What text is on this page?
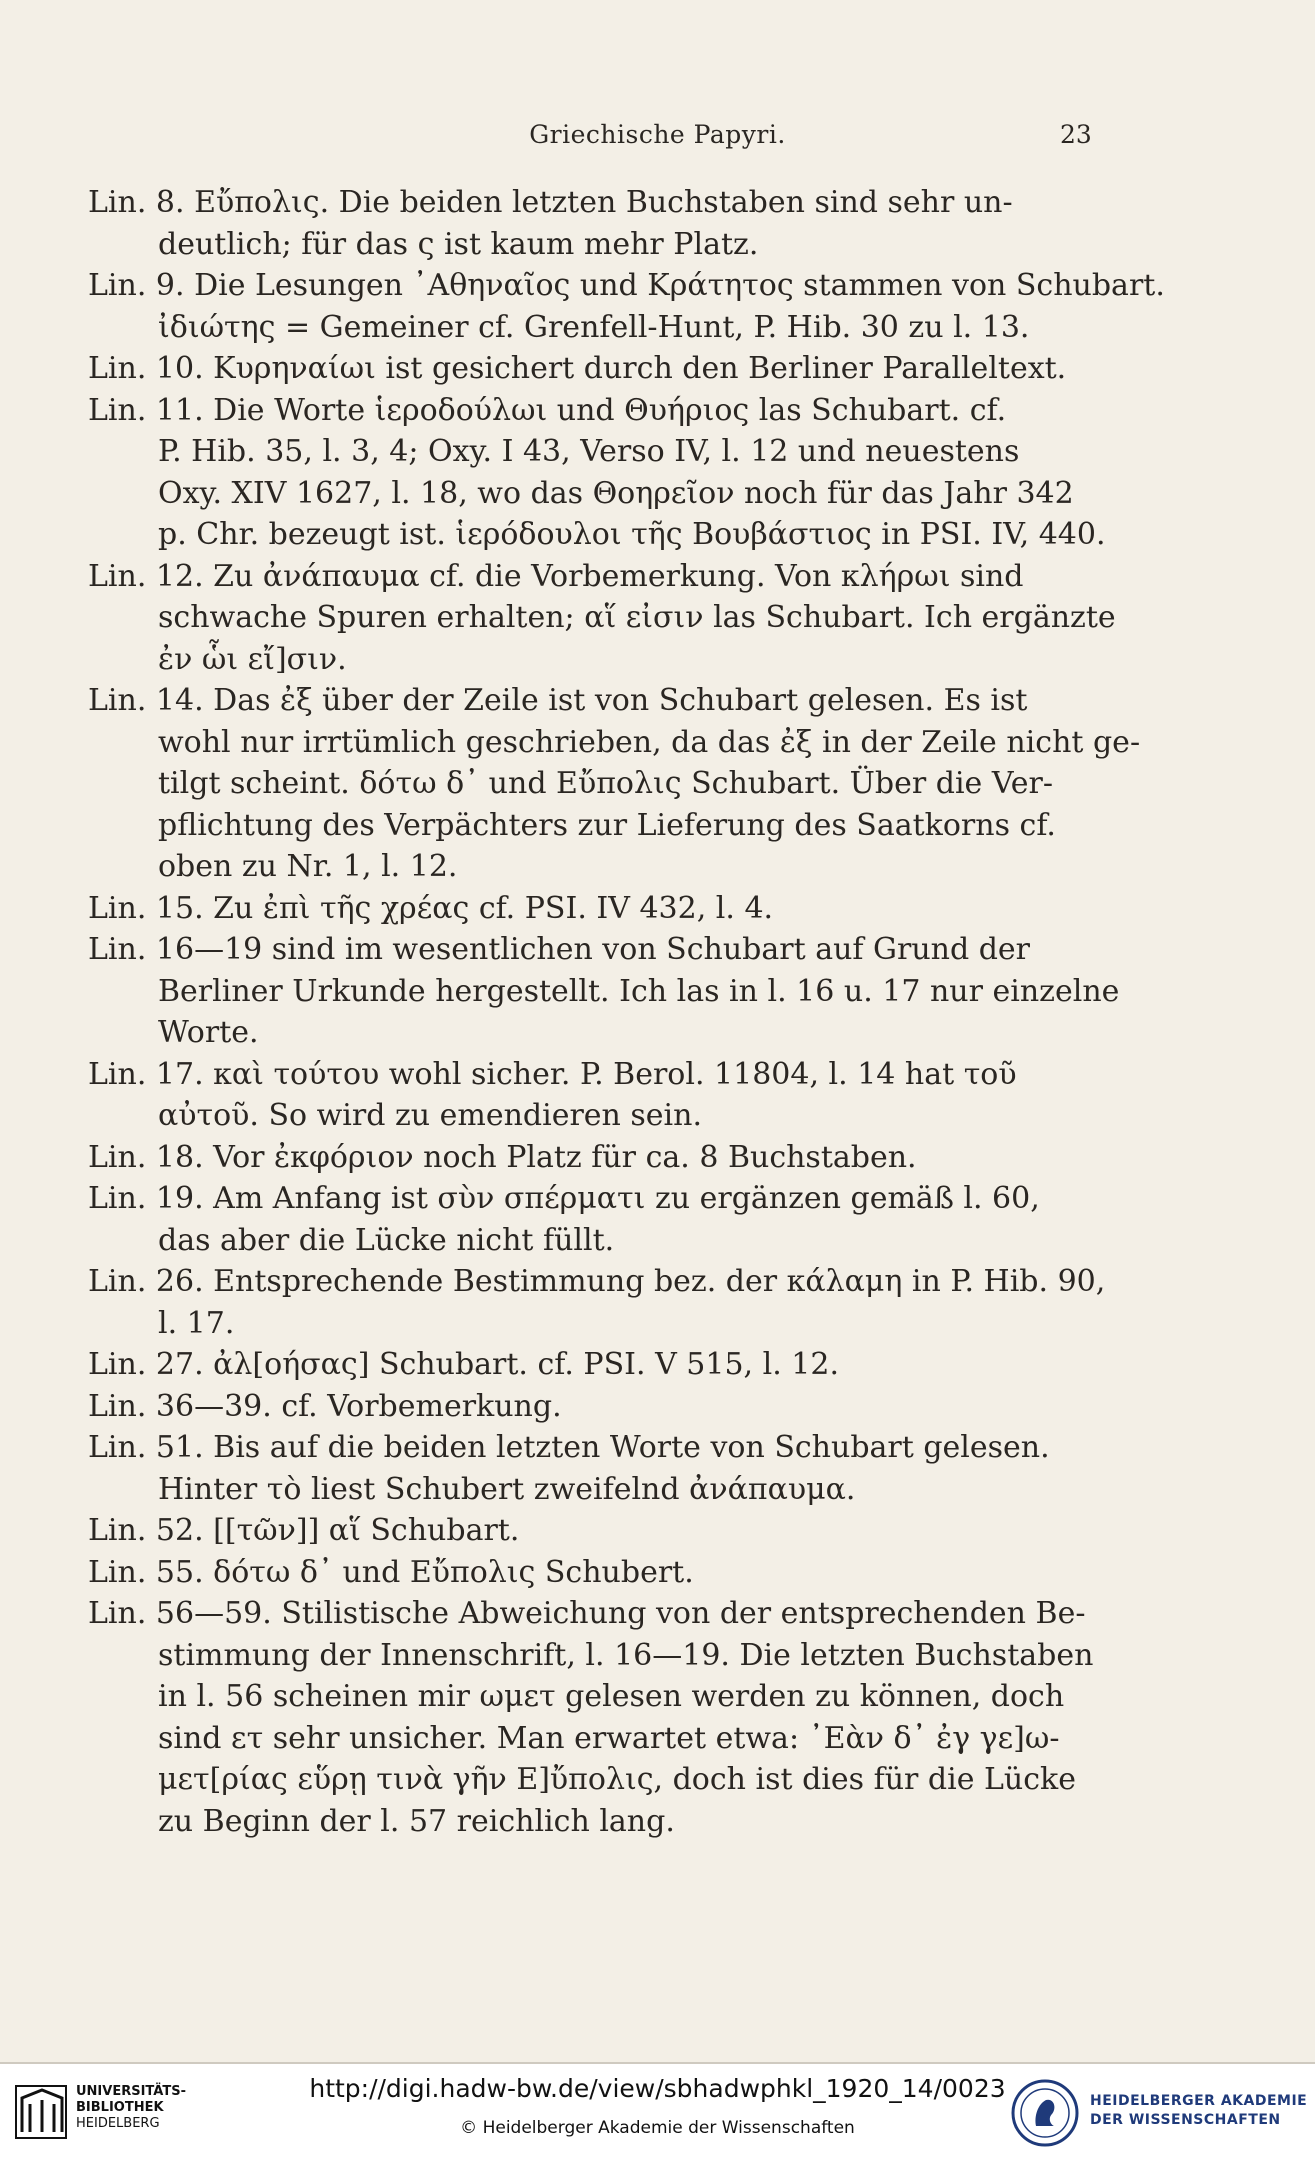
Griechische Papyri.	23
Lin. 8. Εὔπολις. Die beiden letzten Buchstaben sind sehr un-
deutlich; für das ς ist kaum mehr Platz.
Lin. 9. Die Lesungen ᾿Αθηναῖος und Κράτητος stammen von Schubart.
ἰδιώτης = Gemeiner cf. Grenfell-Hunt, P. Hib. 30 zu l. 13.
Lin. 10. Κυρηναίωι ist gesichert durch den Berliner Paralleltext.
Lin. 11. Die Worte ἱεροδούλωι und Θυήριος las Schubart. cf.
P. Hib. 35, l. 3, 4; Oxy. I 43, Verso IV, l. 12 und neuestens
Oxy. XIV 1627, l. 18, wo das Θοηρεῖον noch für das Jahr 342
p. Chr. bezeugt ist. ἱερόδουλοι τῆς Βουβάστιος in PSI. IV, 440.
Lin. 12. Zu ἀνάπαυμα cf. die Vorbemerkung. Von κλήρωι sind
schwache Spuren erhalten; αἵ εἰσιν las Schubart. Ich ergänzte
ἐν ὧι εἴ]σιν.
Lin. 14. Das ἐξ über der Zeile ist von Schubart gelesen. Es ist
wohl nur irrtümlich geschrieben, da das ἐξ in der Zeile nicht ge-
tilgt scheint. δότω δ᾿ und Εὔπολις Schubart. Über die Ver-
pflichtung des Verpächters zur Lieferung des Saatkorns cf.
oben zu Nr. 1, l. 12.
Lin. 15. Zu ἐπὶ τῆς χρέας cf. PSI. IV 432, l. 4.
Lin. 16—19 sind im wesentlichen von Schubart auf Grund der
Berliner Urkunde hergestellt. Ich las in l. 16 u. 17 nur einzelne
Worte.
Lin. 17. καὶ τούτου wohl sicher. P. Berol. 11804, l. 14 hat τοῦ
αὐτοῦ. So wird zu emendieren sein.
Lin. 18. Vor ἐκφόριον noch Platz für ca. 8 Buchstaben.
Lin. 19. Am Anfang ist σὺν σπέρματι zu ergänzen gemäß l. 60,
das aber die Lücke nicht füllt.
Lin. 26. Entsprechende Bestimmung bez. der κάλαμη in P. Hib. 90,
l. 17.
Lin. 27. ἀλ[οήσας] Schubart. cf. PSI. V 515, l. 12.
Lin. 36—39. cf. Vorbemerkung.
Lin. 51. Bis auf die beiden letzten Worte von Schubart gelesen.
Hinter τὸ liest Schubert zweifelnd ἀνάπαυμα.
Lin. 52. [[τῶν]] αἵ Schubart.
Lin. 55. δότω δ᾿ und Εὔπολις Schubert.
Lin. 56—59. Stilistische Abweichung von der entsprechenden Be-
stimmung der Innenschrift, l. 16—19. Die letzten Buchstaben
in l. 56 scheinen mir ωμετ gelesen werden zu können, doch
sind ετ sehr unsicher. Man erwartet etwa: ᾿Εὰν δ᾿ ἐγ γε]ω-
μετ[ρίας εὕρῃ τινὰ γῆν Ε]ὔπολις, doch ist dies für die Lücke
zu Beginn der l. 57 reichlich lang.
UNIVERSITÄTS-
BIBLIOTHEK
HEIDELBERG
http://digi.hadw-bw.de/view/sbhadwphkl_1920_14/0023
© Heidelberger Akademie der Wissenschaften
HEIDELBERGER AKADEMIE
DER WISSENSCHAFTEN
